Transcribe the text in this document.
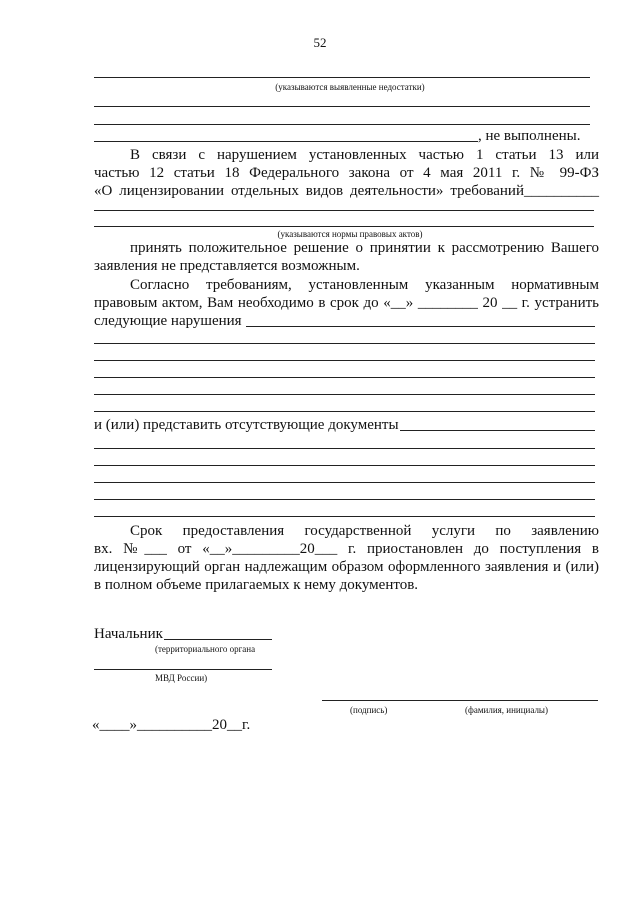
52
(указываются выявленные недостатки)
, не выполнены.
В связи с нарушением установленных частью 1 статьи 13 или
частью 12 статьи 18 Федерального закона от 4 мая 2011 г. № 99-ФЗ
«О лицензировании отдельных видов деятельности» требований__________
(указываются нормы правовых актов)
принять положительное решение о принятии к рассмотрению Вашего
заявления не представляется возможным.
Согласно требованиям, установленным указанным нормативным
правовым актом, Вам необходимо в срок до «__» ________ 20 __ г. устранить
следующие нарушения
и (или) представить отсутствующие документы
Срок предоставления государственной услуги по заявлению
вх. №___ от «__»_________20___ г. приостановлен до поступления в
лицензирующий орган надлежащим образом оформленного заявления и (или)
в полном объеме прилагаемых к нему документов.
Начальник
(территориального органа
МВД России)
(подпись)	(фамилия, инициалы)
«____»__________20__г.
